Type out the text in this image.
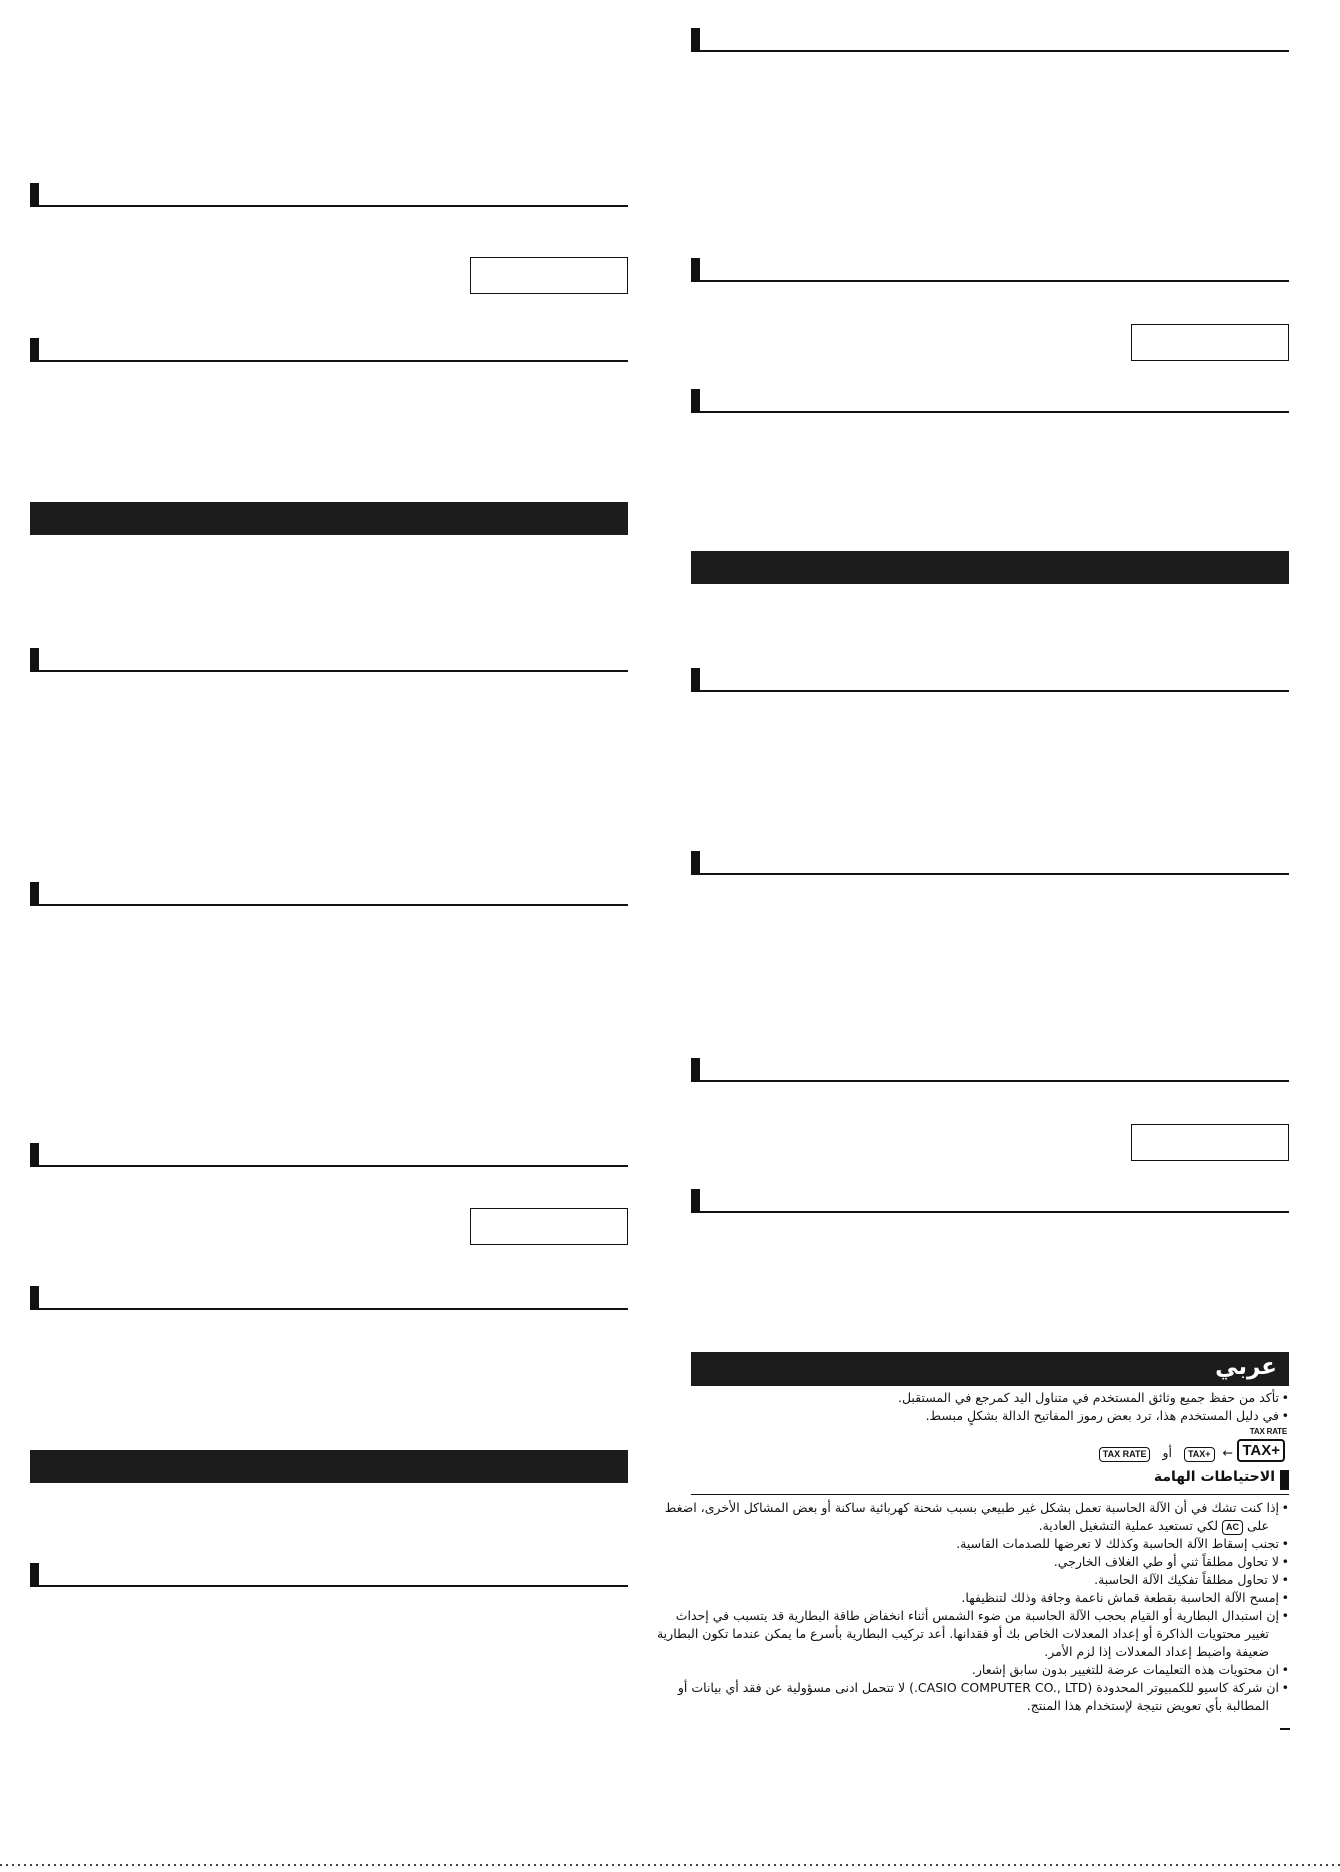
عربي
•
تأكد من حفظ جميع وثائق المستخدم في متناول اليد كمرجع في المستقبل.
•
في دليل المستخدم هذا، ترد بعض رموز المفاتيح الدالة بشكلٍ مبسط.
TAX RATE
TAX+
← TAX+ أو TAX RATE
الاحتياطات الهامة
•
إذا كنت تشك في أن الآلة الحاسبة تعمل بشكل غير طبيعي بسبب شحنة كهربائية ساكنة أو بعض المشاكل الأخرى، اضغط
على AC لكي تستعيد عملية التشغيل العادية.
•
تجنب إسقاط الآلة الحاسبة وكذلك لا تعرضها للصدمات القاسية.
•
لا تحاول مطلقاً ثني أو طي الغلاف الخارجي.
•
لا تحاول مطلقاً تفكيك الآلة الحاسبة.
•
إمسح الآلة الحاسبة بقطعة قماش ناعمة وجافة وذلك لتنظيفها.
•
إن استبدال البطارية أو القيام بحجب الآلة الحاسبة من ضوء الشمس أثناء انخفاض طاقة البطارية قد يتسبب في إحداث
تغيير محتويات الذاكرة أو إعداد المعدلات الخاص بك أو فقدانها. أعد تركيب البطارية بأسرع ما يمكن عندما تكون البطارية
ضعيفة واضبط إعداد المعدلات إذا لزم الأمر.
•
ان محتويات هذه التعليمات عرضة للتغيير بدون سابق إشعار.
•
ان شركة كاسيو للكمبيوتر المحدودة (CASIO COMPUTER CO., LTD.) لا تتحمل ادنى مسؤولية عن فقد أي بيانات أو
المطالبة بأي تعويض نتيجة لإستخدام هذا المنتج.
